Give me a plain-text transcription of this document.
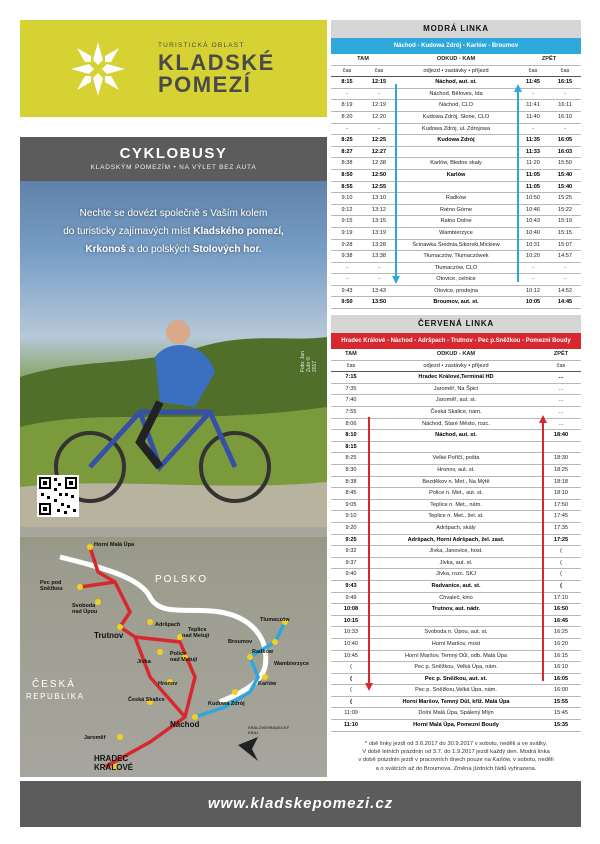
TURISTICKÁ OBLAST
KLADSKÉ
POMEZÍ
CYKLOBUSY
KLADSKÝM POMEZÍM • NA VÝLET BEZ AUTA
Nechte se dovézt společně s Vaším kolem
do turisticky zajímavých míst Kladského pomezí,
Krkonoš a do polských Stolových hor.
Foto: Jan Zubr © 2017
POLSKO
ČESKÁ
REPUBLIKA
Horní Malá Úpa
Pec pod
Sněžkou
Svoboda
nad Úpou
Trutnov
Adršpach
Teplice
nad Metují
Police
nad Metují
Jívka
Hronov
Česká Skalice
Náchod
Jaroměř
HRADEC
KRÁLOVÉ
Tlumaczów
Broumov
Radków
Wambierzyce
Karlów
Kudowa Zdrój
KRÁLOVÉHRADECKÝ
KRAJ
MODRÁ LINKA
Náchod - Kudowa Zdrój - Karlów - Broumov
TAM		ODKUD - KAM	ZPĚT	
čas	čas	odjezd • zastávky • příjezd	čas	čas
8:15	12:15	Náchod, aut. st.	11:45	16:15
-	-	Náchod, Běloves, Ida	-	-
8:19	12:19	Náchod, CLO	11:41	16:11
8:20	12:20	Kudowa Zdrój, Słone, CLO	11:40	16:10
-	-	Kudowa Zdrój, ul. Zdrojowa	-	-
8:25	12:25	Kudowa Zdrój	11:35	16:05
8:27	12:27		11:33	16:03
8:38	12:38	Karlów, Błedne skały	11:20	15:50
8:50	12:50	Karlów	11:05	15:40
8:55	12:55		11:05	15:40
9:10	13:10	Radków	10:50	15:25
9:12	13:12	Ratno Górne	10:46	15:22
9:15	13:15	Ratno Dolne	10:43	15:19
9:19	13:19	Wambierzyce	10:40	15:15
9:28	13:28	Ścinawka Średnia,Sikorski,Mickiew	10:31	15:07
9:38	13:38	Tłumaczów, Tłumaczówek	10:20	14:57
-	-	Tłumaczów, CLO	-	-
-	-	Otovice, celnice	-	-
9:43	13:43	Otovice, prodejna	10:12	14:52
9:50	13:50	Broumov, aut. st.	10:05	14:45
ČERVENÁ LINKA
Hradec Králové - Náchod - Adršpach - Trutnov - Pec p.Sněžkou - Pomezní Boudy
TAM	ODKUD - KAM	ZPĚT
čas	odjezd • zastávky • příjezd	čas
7:15	Hradec Králové,Terminál HD	...
7:35	Jaroměř, Na Špici	...
7:40	Jaroměř, aut. st.	...
7:55	Česká Skalice, nám.	...
8:06	Náchod, Staré Město, rozc.	...
8:10	Náchod, aut. st.	18:40
8:15		
8:25	Velké Poříčí, pošta	18:30
8:30	Hronov, aut. st.	18:25
8:38	Bezděkov n. Met., Na Mýtě	18:18
8:45	Police n. Met., aut. st.	18:10
9:05	Teplice n. Met., nám.	17:50
9:10	Teplice n. Met., žel. st.	17:45
9:20	Adršpach, skály	17:35
9:25	Adršpach, Horní Adršpach, žel. zast.	17:25
9:32	Jívka, Janovice, host.	(
9:37	Jívka, aut. st.	(
9:40	Jívka, rozc. SKJ	(
9:43	Radvanice, aut. st.	(
9:49	Chvaleč, kino	17:10
10:08	Trutnov, aut. nádr.	16:50
10:15		16:45
10:33	Svoboda n. Úpou, aut. st.	16:25
10:40	Horní Maršov, most	16:20
10:45	Horní Maršov, Temný Důl, odb. Malá Úpa	16:15
(	Pec p. Sněžkou, Velká Úpa, nám.	16:10
(	Pec p. Sněžkou, aut. st.	16:05
(	Pec p. Sněžkou,Velká Úpa, nám.	16:00
(	Horní Maršov, Temný Důl, křiž. Malá Úpa	15:55
11:00	Dolní Malá Úpa, Spálený Mlýn	15:45
11:10	Horní Malá Úpa, Pomezní Boudy	15:35
* obě linky jezdí od 3.6.2017 do 30.9.2017 v sobotu, neděli a ve svátky.
V době letních prázdnin od 3.7. do 1.9.2017 jezdí každý den. Modrá linka
v době prázdnin jezdí v pracovních dnech pouze na Karlów, v sobotu, neděli
a o svátcích až do Broumova. Změna jízdních řádů vyhrazena.
www.kladskepomezi.cz
